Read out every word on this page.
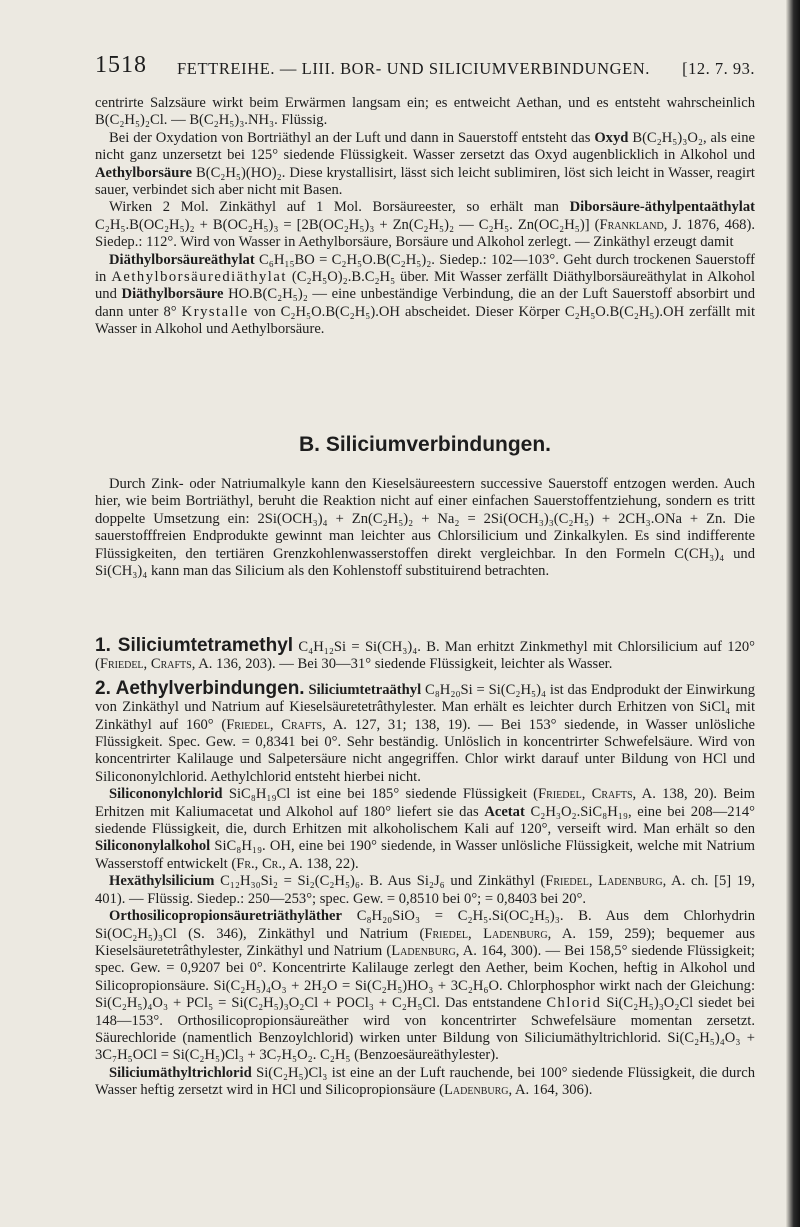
1518 FETTREIHE. — LIII. BOR- UND SILICIUMVERBINDUNGEN. [12. 7. 93.

centrirte Salzsäure wirkt beim Erwärmen langsam ein; es entweicht Aethan, und es entsteht wahrscheinlich B(C₂H₅)₂Cl. — B(C₂H₅)₃.NH₃. Flüssig.

Bei der Oxydation von Bortriäthyl an der Luft und dann in Sauerstoff entsteht das Oxyd B(C₂H₅)₃O₂, als eine nicht ganz unzersetzt bei 125° siedende Flüssigkeit. Wasser zersetzt das Oxyd augenblicklich in Alkohol und Aethylborsäure B(C₂H₅)(HO)₂. Diese krystallisirt, lässt sich leicht sublimiren, löst sich leicht in Wasser, reagirt sauer, verbindet sich aber nicht mit Basen.

Wirken 2 Mol. Zinkäthyl auf 1 Mol. Borsäureester, so erhält man Diborsäure-äthylpentaäthylat C₂H₅.B(OC₂H₅)₂ + B(OC₂H₅)₃ = [2B(OC₂H₅)₃ + Zn(C₂H₅)₂ — C₂H₅. Zn(OC₂H₅)] (Frankland, J. 1876, 468). Siedep.: 112°. Wird von Wasser in Aethylborsäure, Borsäure und Alkohol zerlegt. — Zinkäthyl erzeugt damit

Diäthylborsäureäthylat C₆H₁₅BO = C₂H₅O.B(C₂H₅)₂. Siedep.: 102—103°. Geht durch trockenen Sauerstoff in Aethylborsäurediäthylat (C₂H₅O)₂.B.C₂H₅ über. Mit Wasser zerfällt Diäthylborsäureäthylat in Alkohol und Diäthylborsäure HO.B(C₂H₅)₂ — eine unbeständige Verbindung, die an der Luft Sauerstoff absorbirt und dann unter 8° Krystalle von C₂H₅O.B(C₂H₅).OH abscheidet. Dieser Körper C₂H₅O.B(C₂H₅).OH zerfällt mit Wasser in Alkohol und Aethylborsäure.

B. Siliciumverbindungen.

Durch Zink- oder Natriumalkyle kann den Kieselsäureestern successive Sauerstoff entzogen werden. Auch hier, wie beim Bortriäthyl, beruht die Reaktion nicht auf einer einfachen Sauerstoffentziehung, sondern es tritt doppelte Umsetzung ein: 2Si(OCH₃)₄ + Zn(C₂H₅)₂ + Na₂ = 2Si(OCH₃)₃(C₂H₅) + 2CH₃.ONa + Zn. Die sauerstofffreien Endprodukte gewinnt man leichter aus Chlorsilicium und Zinkalkylen. Es sind indifferente Flüssigkeiten, den tertiären Grenzkohlenwasserstoffen direkt vergleichbar. In den Formeln C(CH₃)₄ und Si(CH₃)₄ kann man das Silicium als den Kohlenstoff substituirend betrachten.

1. Siliciumtetramethyl C₄H₁₂Si = Si(CH₃)₄. B. Man erhitzt Zinkmethyl mit Chlorsilicium auf 120° (Friedel, Crafts, A. 136, 203). — Bei 30—31° siedende Flüssigkeit, leichter als Wasser.

2. Aethylverbindungen. Siliciumtetraäthyl C₈H₂₀Si = Si(C₂H₅)₄ ist das Endprodukt der Einwirkung von Zinkäthyl und Natrium auf Kieselsäuretetrâthylester. Man erhält es leichter durch Erhitzen von SiCl₄ mit Zinkäthyl auf 160° (Friedel, Crafts, A. 127, 31; 138, 19). — Bei 153° siedende, in Wasser unlösliche Flüssigkeit. Spec. Gew. = 0,8341 bei 0°. Sehr beständig. Unlöslich in koncentrirter Schwefelsäure. Wird von koncentrirter Kalilauge und Salpetersäure nicht angegriffen. Chlor wirkt darauf unter Bildung von HCl und Silicononylchlorid. Aethylchlorid entsteht hierbei nicht.

Silicononylchlorid SiC₈H₁₉Cl ist eine bei 185° siedende Flüssigkeit (Friedel, Crafts, A. 138, 20). Beim Erhitzen mit Kaliumacetat und Alkohol auf 180° liefert sie das Acetat C₂H₃O₂.SiC₈H₁₉, eine bei 208—214° siedende Flüssigkeit, die, durch Erhitzen mit alkoholischem Kali auf 120°, verseift wird. Man erhält so den Silicononylalkohol SiC₈H₁₉. OH, eine bei 190° siedende, in Wasser unlösliche Flüssigkeit, welche mit Natrium Wasserstoff entwickelt (Fr., Cr., A. 138, 22).

Hexäthylsilicium C₁₂H₃₀Si₂ = Si₂(C₂H₅)₆. B. Aus Si₂J₆ und Zinkäthyl (Friedel, Ladenburg, A. ch. [5] 19, 401). — Flüssig. Siedep.: 250—253°; spec. Gew. = 0,8510 bei 0°; = 0,8403 bei 20°.

Orthosilicopropionsäuretriäthyläther C₈H₂₀SiO₃ = C₂H₅.Si(OC₂H₅)₃. B. Aus dem Chlorhydrin Si(OC₂H₅)₃Cl (S. 346), Zinkäthyl und Natrium (Friedel, Ladenburg, A. 159, 259); bequemer aus Kieselsäuretetrâthylester, Zinkäthyl und Natrium (Ladenburg, A. 164, 300). — Bei 158,5° siedende Flüssigkeit; spec. Gew. = 0,9207 bei 0°. Koncentrirte Kalilauge zerlegt den Aether, beim Kochen, heftig in Alkohol und Silicopropionsäure. Si(C₂H₅)₄O₃ + 2H₂O = Si(C₂H₅)HO₃ + 3C₂H₆O. Chlorphosphor wirkt nach der Gleichung: Si(C₂H₅)₄O₃ + PCl₅ = Si(C₂H₅)₃O₂Cl + POCl₃ + C₂H₅Cl. Das entstandene Chlorid Si(C₂H₅)₃O₂Cl siedet bei 148—153°. Orthosilicopropionsäureäther wird von koncentrirter Schwefelsäure momentan zersetzt. Säurechloride (namentlich Benzoylchlorid) wirken unter Bildung von Siliciumäthyltrichlorid. Si(C₂H₅)₄O₃ + 3C₇H₅OCl = Si(C₂H₅)Cl₃ + 3C₇H₅O₂. C₂H₅ (Benzoesäureäthylester).

Siliciumäthyltrichlorid Si(C₂H₅)Cl₃ ist eine an der Luft rauchende, bei 100° siedende Flüssigkeit, die durch Wasser heftig zersetzt wird in HCl und Silicopropionsäure (Ladenburg, A. 164, 306).
